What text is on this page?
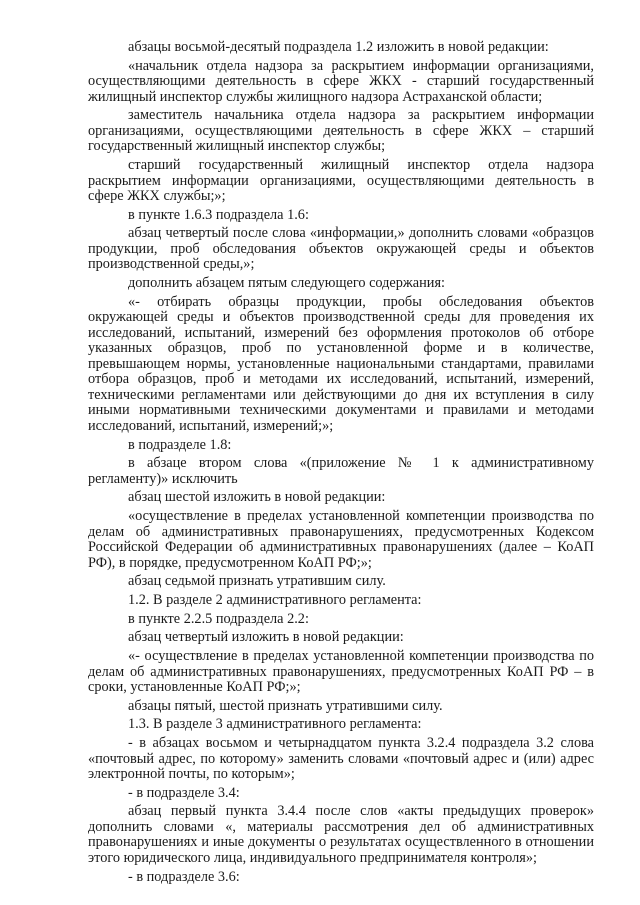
абзацы восьмой-десятый подраздела 1.2 изложить в новой редакции:

«начальник отдела надзора за раскрытием информации организациями, осуществляющими деятельность в сфере ЖКХ - старший государственный жилищный инспектор службы жилищного надзора Астраханской области;

заместитель начальника отдела надзора за раскрытием информации организациями, осуществляющими деятельность в сфере ЖКХ – старший государственный жилищный инспектор службы;

старший государственный жилищный инспектор отдела надзора раскрытием информации организациями, осуществляющими деятельность в сфере ЖКХ службы;»;

в пункте 1.6.3 подраздела 1.6:

абзац четвертый после слова «информации,» дополнить словами «образцов продукции, проб обследования объектов окружающей среды и объектов производственной среды,»;

дополнить абзацем пятым следующего содержания:

«- отбирать образцы продукции, пробы обследования объектов окружающей среды и объектов производственной среды для проведения их исследований, испытаний, измерений без оформления протоколов об отборе указанных образцов, проб по установленной форме и в количестве, превышающем нормы, установленные национальными стандартами, правилами отбора образцов, проб и методами их исследований, испытаний, измерений, техническими регламентами или действующими до дня их вступления в силу иными нормативными техническими документами и правилами и методами исследований, испытаний, измерений;»;

в подразделе 1.8:

в абзаце втором слова «(приложение № 1 к административному регламенту)» исключить

абзац шестой изложить в новой редакции:

«осуществление в пределах установленной компетенции производства по делам об административных правонарушениях, предусмотренных Кодексом Российской Федерации об административных правонарушениях (далее – КоАП РФ), в порядке, предусмотренном КоАП РФ;»;

абзац седьмой признать утратившим силу.

1.2. В разделе 2 административного регламента:

в пункте 2.2.5 подраздела 2.2:

абзац четвертый изложить в новой редакции:

«- осуществление в пределах установленной компетенции производства по делам об административных правонарушениях, предусмотренных КоАП РФ – в сроки, установленные КоАП РФ;»;

абзацы пятый, шестой признать утратившими силу.

1.3. В разделе 3 административного регламента:

- в абзацах восьмом и четырнадцатом пункта 3.2.4 подраздела 3.2 слова «почтовый адрес, по которому» заменить словами «почтовый адрес и (или) адрес электронной почты, по которым»;

- в подразделе 3.4:

абзац первый пункта 3.4.4 после слов «акты предыдущих проверок» дополнить словами «, материалы рассмотрения дел об административных правонарушениях и иные документы о результатах осуществленного в отношении этого юридического лица, индивидуального предпринимателя контроля»;

- в подразделе 3.6:
